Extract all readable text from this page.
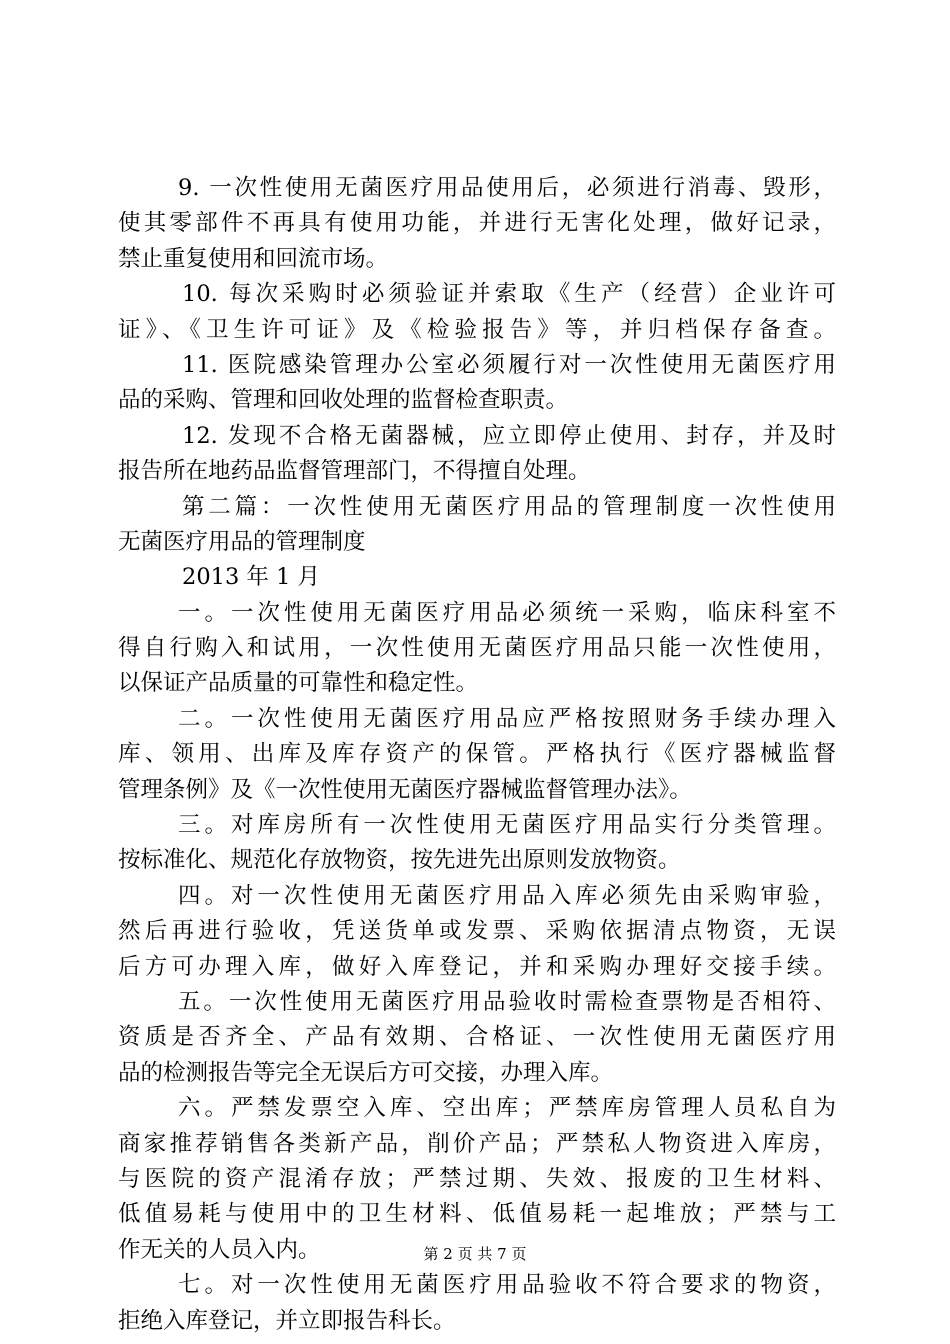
9. 一次性使用无菌医疗用品使用后，必须进行消毒、毁形，
使其零部件不再具有使用功能，并进行无害化处理，做好记录，
禁止重复使用和回流市场。
10. 每次采购时必须验证并索取《生产（经营）企业许可
证》、《卫生许可证》及《检验报告》等，并归档保存备查。
11. 医院感染管理办公室必须履行对一次性使用无菌医疗用
品的采购、管理和回收处理的监督检查职责。
12. 发现不合格无菌器械，应立即停止使用、封存，并及时
报告所在地药品监督管理部门，不得擅自处理。
第二篇：一次性使用无菌医疗用品的管理制度一次性使用
无菌医疗用品的管理制度
2013 年 1 月
一。一次性使用无菌医疗用品必须统一采购，临床科室不
得自行购入和试用，一次性使用无菌医疗用品只能一次性使用，
以保证产品质量的可靠性和稳定性。
二。一次性使用无菌医疗用品应严格按照财务手续办理入
库、领用、出库及库存资产的保管。严格执行《医疗器械监督
管理条例》及《一次性使用无菌医疗器械监督管理办法》。
三。对库房所有一次性使用无菌医疗用品实行分类管理。
按标准化、规范化存放物资，按先进先出原则发放物资。
四。对一次性使用无菌医疗用品入库必须先由采购审验，
然后再进行验收，凭送货单或发票、采购依据清点物资，无误
后方可办理入库，做好入库登记，并和采购办理好交接手续。
五。一次性使用无菌医疗用品验收时需检查票物是否相符、
资质是否齐全、产品有效期、合格证、一次性使用无菌医疗用
品的检测报告等完全无误后方可交接，办理入库。
六。严禁发票空入库、空出库；严禁库房管理人员私自为
商家推荐销售各类新产品，削价产品；严禁私人物资进入库房，
与医院的资产混淆存放；严禁过期、失效、报废的卫生材料、
低值易耗与使用中的卫生材料、低值易耗一起堆放；严禁与工
作无关的人员入内。
七。对一次性使用无菌医疗用品验收不符合要求的物资，
拒绝入库登记，并立即报告科长。
第 2 页 共 7 页
